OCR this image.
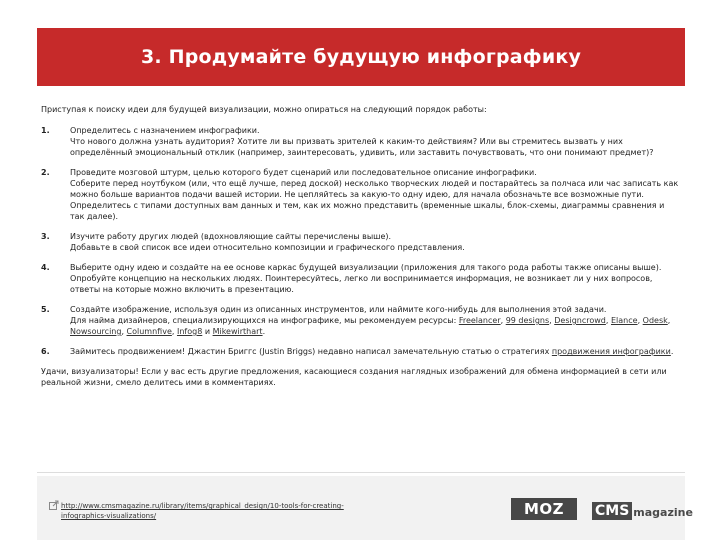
3. Продумайте будущую инфографику
Приступая к поиску идеи для будущей визуализации, можно опираться на следующий порядок работы:
1.	Определитесь с назначением инфографики.
Что нового должна узнать аудитория? Хотите ли вы призвать зрителей к каким-то действиям? Или вы стремитесь вызвать у них определённый эмоциональный отклик (например, заинтересовать, удивить, или заставить почувствовать, что они понимают предмет)?
2.	Проведите мозговой штурм, целью которого будет сценарий или последовательное описание инфографики.
Соберите перед ноутбуком (или, что ещё лучше, перед доской) несколько творческих людей и постарайтесь за полчаса или час записать как можно больше вариантов подачи вашей истории. Не цепляйтесь за какую-то одну идею, для начала обозначьте все возможные пути. Определитесь с типами доступных вам данных и тем, как их можно представить (временные шкалы, блок-схемы, диаграммы сравнения и так далее).
3.	Изучите работу других людей (вдохновляющие сайты перечислены выше).
Добавьте в свой список все идеи относительно композиции и графического представления.
4.	Выберите одну идею и создайте на ее основе каркас будущей визуализации (приложения для такого рода работы также описаны выше). Опробуйте концепцию на нескольких людях. Поинтересуйтесь, легко ли воспринимается информация, не возникает ли у них вопросов, ответы на которые можно включить в презентацию.
5.	Создайте изображение, используя один из описанных инструментов, или наймите кого-нибудь для выполнения этой задачи.
Для найма дизайнеров, специализирующихся на инфографике, мы рекомендуем ресурсы: Freelancer, 99 designs, Designcrowd, Elance, Odesk, Nowsourcing, Columnfive, Infog8 и Mikewirthart.
6.	Займитесь продвижением! Джастин Бриггс (Justin Briggs) недавно написал замечательную статью о стратегиях продвижения инфографики.
Удачи, визуализаторы! Если у вас есть другие предложения, касающиеся создания наглядных изображений для обмена информацией в сети или реальной жизни, смело делитесь ими в комментариях.
http://www.cmsmagazine.ru/library/items/graphical_design/10-tools-for-creating-infographics-visualizations/	MOZ	CMS magazine
